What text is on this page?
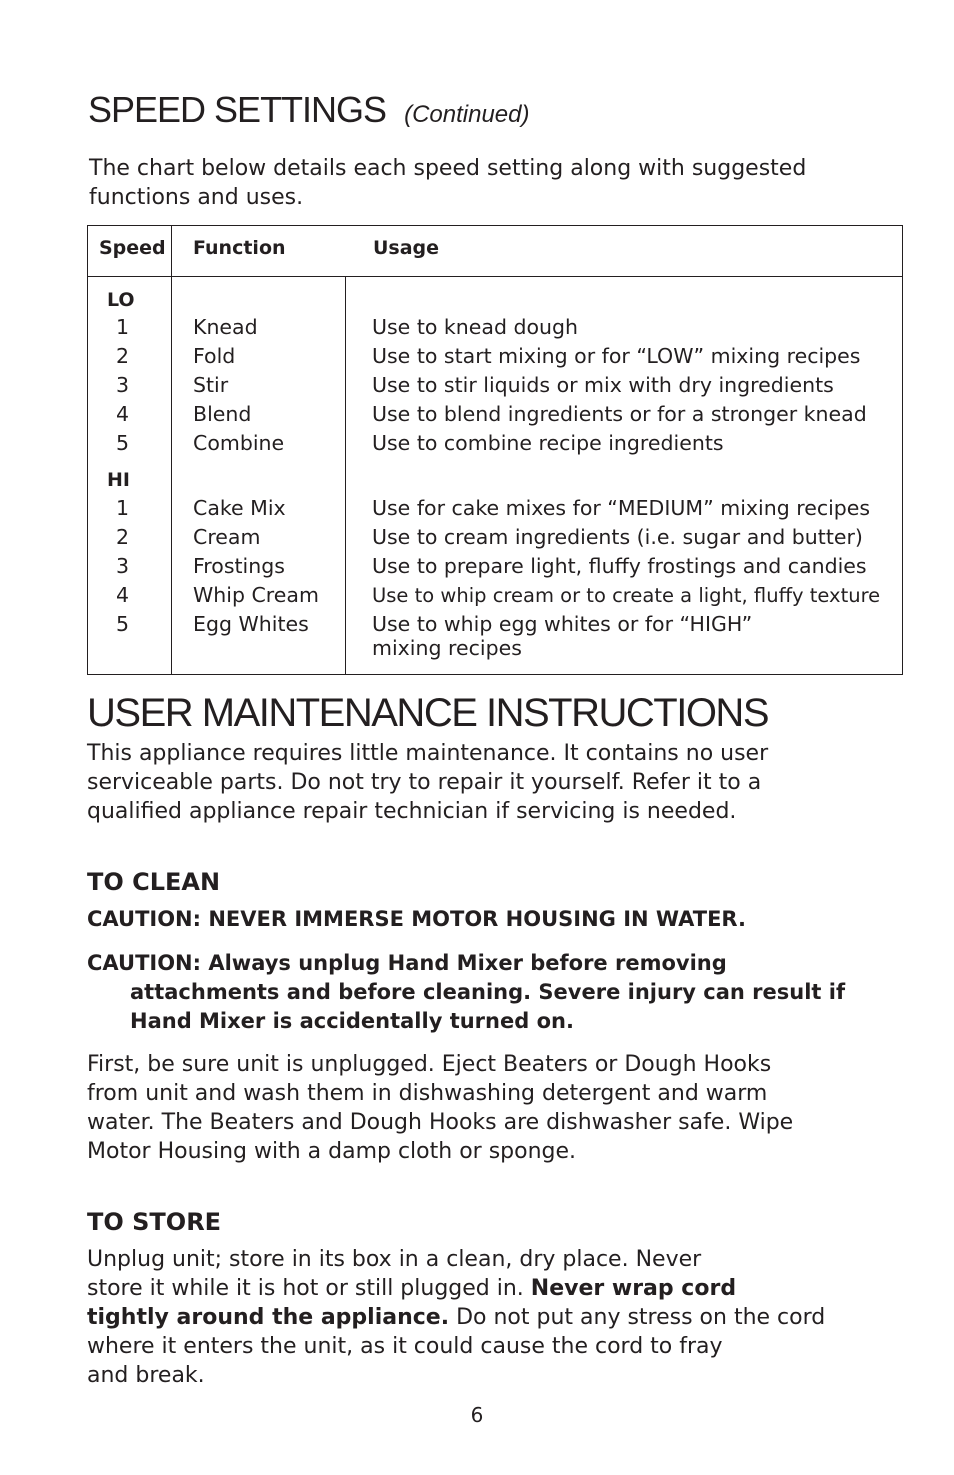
SPEED SETTINGS (Continued)
The chart below details each speed setting along with suggested
functions and uses.
Speed Function	Usage
LO
1	Knead	Use to knead dough
2	Fold	Use to start mixing or for “LOW” mixing recipes
3	Stir	Use to stir liquids or mix with dry ingredients
4	Blend	Use to blend ingredients or for a stronger knead
5	Combine	Use to combine recipe ingredients
HI
1	Cake Mix	Use for cake mixes for “MEDIUM” mixing recipes
2	Cream	Use to cream ingredients (i.e. sugar and butter)
3	Frostings	Use to prepare light, fluffy frostings and candies
4	Whip Cream	Use to whip cream or to create a light, fluffy texture
5	Egg Whites	Use to whip egg whites or for “HIGH”
mixing recipes
USER MAINTENANCE INSTRUCTIONS
This appliance requires little maintenance. It contains no user
serviceable parts. Do not try to repair it yourself. Refer it to a
qualified appliance repair technician if servicing is needed.
TO CLEAN
CAUTION: NEVER IMMERSE MOTOR HOUSING IN WATER.
CAUTION: Always unplug Hand Mixer before removing
attachments and before cleaning. Severe injury can result if
Hand Mixer is accidentally turned on.
First, be sure unit is unplugged. Eject Beaters or Dough Hooks
from unit and wash them in dishwashing detergent and warm
water. The Beaters and Dough Hooks are dishwasher safe. Wipe
Motor Housing with a damp cloth or sponge.
TO STORE
Unplug unit; store in its box in a clean, dry place. Never
store it while it is hot or still plugged in. Never wrap cord
tightly around the appliance. Do not put any stress on the cord
where it enters the unit, as it could cause the cord to fray
and break.
6
